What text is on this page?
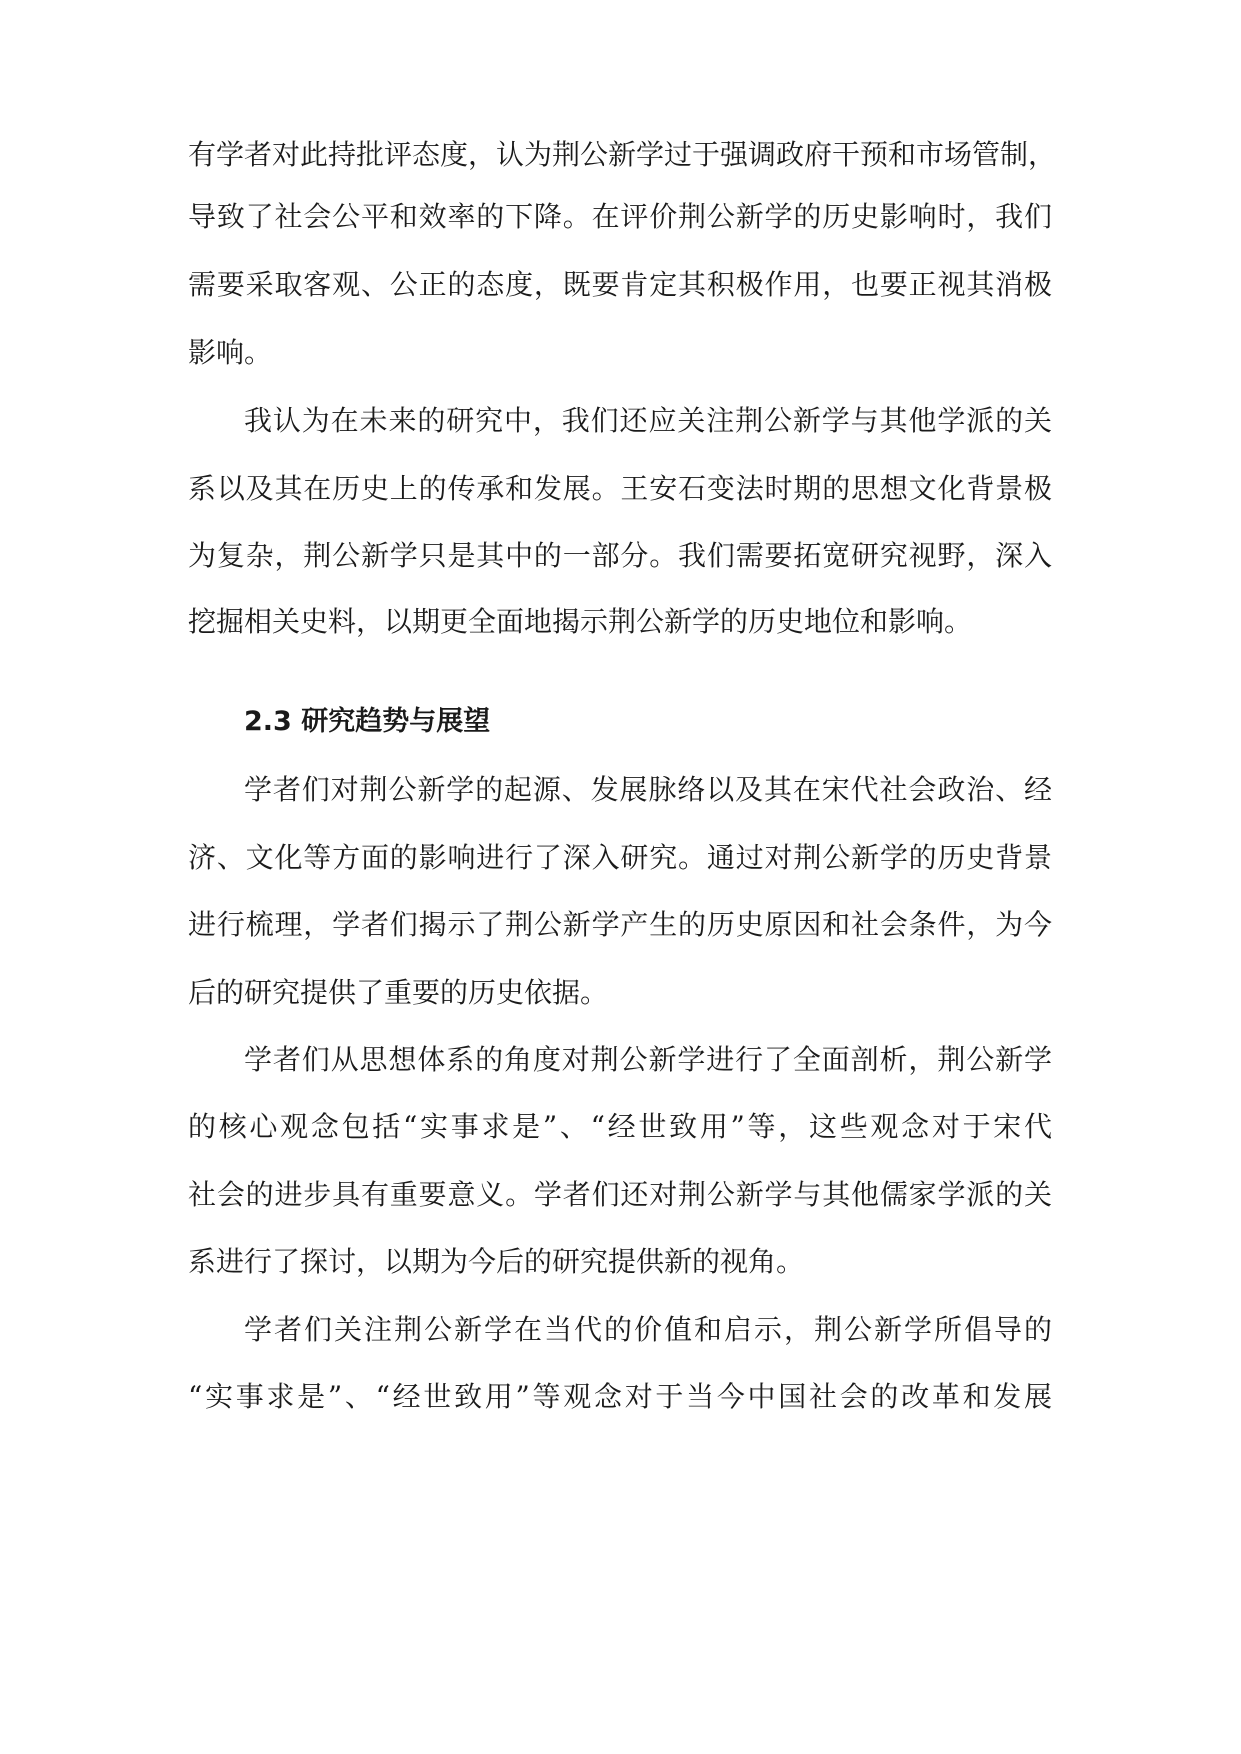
有学者对此持批评态度，认为荆公新学过于强调政府干预和市场管制，
导致了社会公平和效率的下降。在评价荆公新学的历史影响时，我们
需要采取客观、公正的态度，既要肯定其积极作用，也要正视其消极
影响。
我认为在未来的研究中，我们还应关注荆公新学与其他学派的关
系以及其在历史上的传承和发展。王安石变法时期的思想文化背景极
为复杂，荆公新学只是其中的一部分。我们需要拓宽研究视野，深入
挖掘相关史料，以期更全面地揭示荆公新学的历史地位和影响。
2.3 研究趋势与展望
学者们对荆公新学的起源、发展脉络以及其在宋代社会政治、经
济、文化等方面的影响进行了深入研究。通过对荆公新学的历史背景
进行梳理，学者们揭示了荆公新学产生的历史原因和社会条件，为今
后的研究提供了重要的历史依据。
学者们从思想体系的角度对荆公新学进行了全面剖析，荆公新学
的核心观念包括“实事求是”、“经世致用”等，这些观念对于宋代
社会的进步具有重要意义。学者们还对荆公新学与其他儒家学派的关
系进行了探讨，以期为今后的研究提供新的视角。
学者们关注荆公新学在当代的价值和启示，荆公新学所倡导的
“实事求是”、“经世致用”等观念对于当今中国社会的改革和发展
